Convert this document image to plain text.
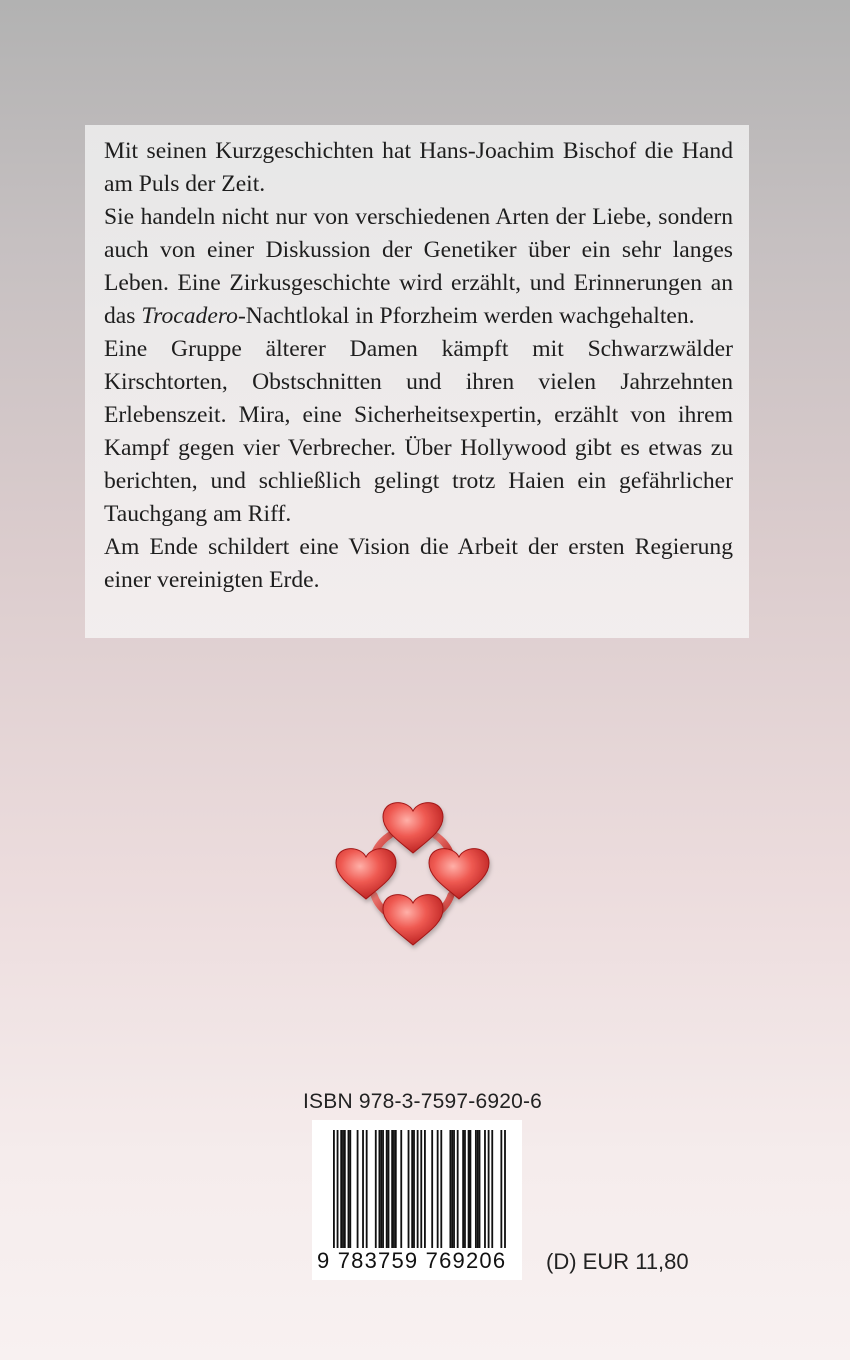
Mit seinen Kurzgeschichten hat Hans-Joachim Bischof die Hand am Puls der Zeit.

Sie handeln nicht nur von verschiedenen Arten der Liebe, sondern auch von einer Diskussion der Genetiker über ein sehr langes Leben. Eine Zirkusgeschichte wird erzählt, und Erinnerungen an das Trocadero-Nachtlokal in Pforzheim werden wachgehalten.

Eine Gruppe älterer Damen kämpft mit Schwarzwälder Kirschtorten, Obstschnitten und ihren vielen Jahrzehnten Erlebenszeit. Mira, eine Sicherheitsexpertin, erzählt von ihrem Kampf gegen vier Verbrecher. Über Hollywood gibt es etwas zu berichten, und schließlich gelingt trotz Haien ein gefährlicher Tauchgang am Riff.

Am Ende schildert eine Vision die Arbeit der ersten Regierung einer vereinigten Erde.

ISBN 978-3-7597-6920-6
9 783759 769206	(D) EUR 11,80
